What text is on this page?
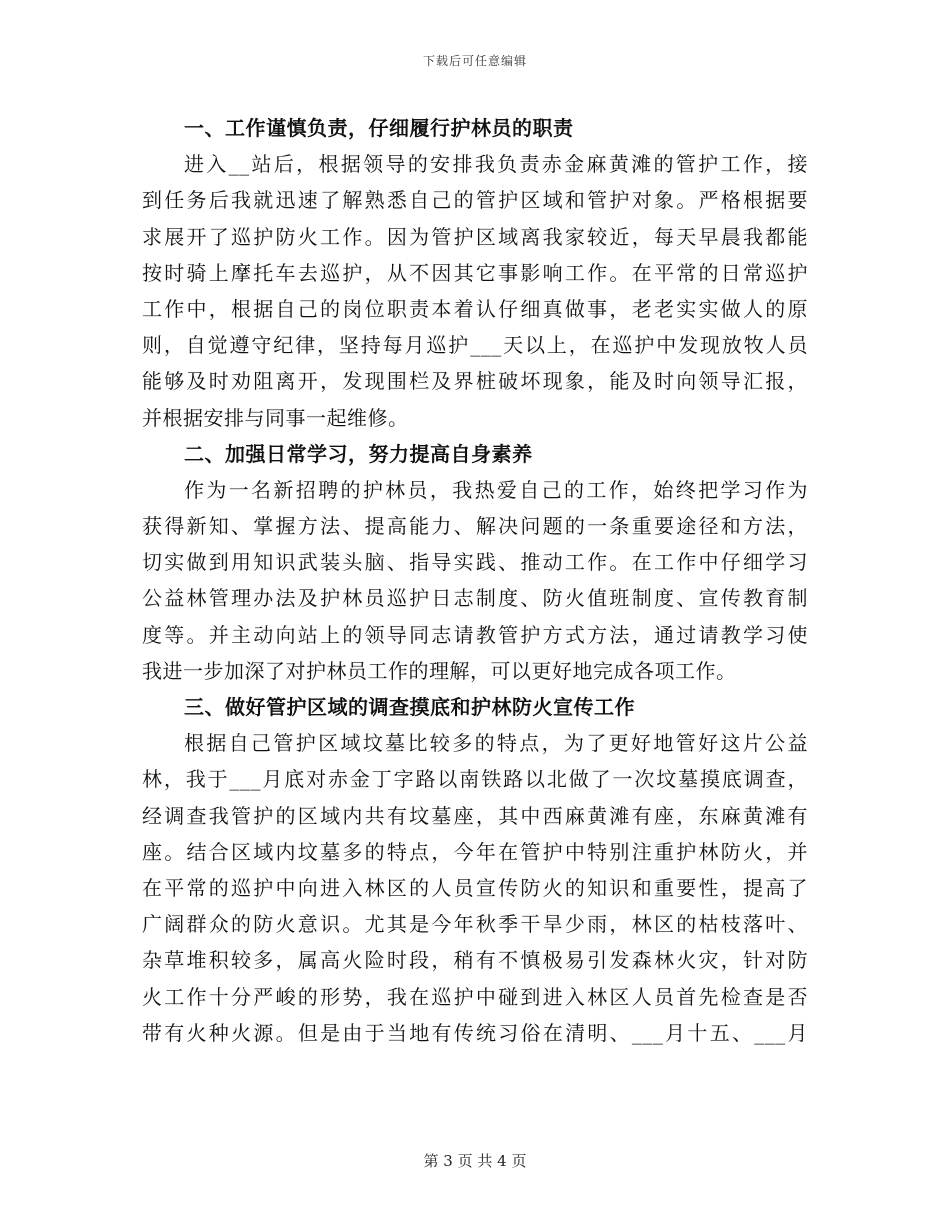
下载后可任意编辑
一、工作谨慎负责，仔细履行护林员的职责
进入__站后，根据领导的安排我负责赤金麻黄滩的管护工作，接
到任务后我就迅速了解熟悉自己的管护区域和管护对象。严格根据要
求展开了巡护防火工作。因为管护区域离我家较近，每天早晨我都能
按时骑上摩托车去巡护，从不因其它事影响工作。在平常的日常巡护
工作中，根据自己的岗位职责本着认仔细真做事，老老实实做人的原
则，自觉遵守纪律，坚持每月巡护___天以上，在巡护中发现放牧人员
能够及时劝阻离开，发现围栏及界桩破坏现象，能及时向领导汇报，
并根据安排与同事一起维修。
二、加强日常学习，努力提高自身素养
作为一名新招聘的护林员，我热爱自己的工作，始终把学习作为
获得新知、掌握方法、提高能力、解决问题的一条重要途径和方法，
切实做到用知识武装头脑、指导实践、推动工作。在工作中仔细学习
公益林管理办法及护林员巡护日志制度、防火值班制度、宣传教育制
度等。并主动向站上的领导同志请教管护方式方法，通过请教学习使
我进一步加深了对护林员工作的理解，可以更好地完成各项工作。
三、做好管护区域的调查摸底和护林防火宣传工作
根据自己管护区域坟墓比较多的特点，为了更好地管好这片公益
林，我于___月底对赤金丁字路以南铁路以北做了一次坟墓摸底调查，
经调查我管护的区域内共有坟墓座，其中西麻黄滩有座，东麻黄滩有
座。结合区域内坟墓多的特点，今年在管护中特别注重护林防火，并
在平常的巡护中向进入林区的人员宣传防火的知识和重要性，提高了
广阔群众的防火意识。尤其是今年秋季干旱少雨，林区的枯枝落叶、
杂草堆积较多，属高火险时段，稍有不慎极易引发森林火灾，针对防
火工作十分严峻的形势，我在巡护中碰到进入林区人员首先检查是否
带有火种火源。但是由于当地有传统习俗在清明、___月十五、___月
第 3 页 共 4 页
